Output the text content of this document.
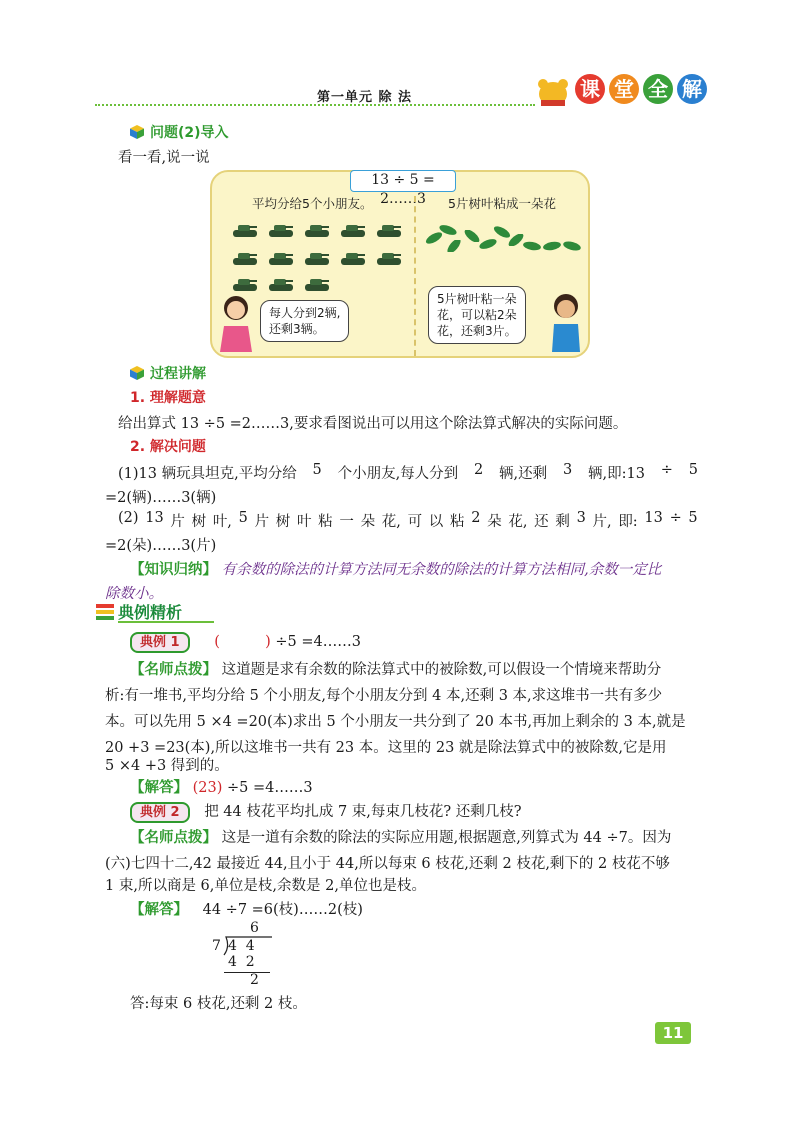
第一单元 除 法	课 堂 全 解
问题(2)导入
看一看,说一说
13 ÷ 5 = 2……3
平均分给5个小朋友。	5片树叶粘成一朵花
每人分到2辆,
还剩3辆。
5片树叶粘一朵
花，可以粘2朵
花，还剩3片。
过程讲解
1. 理解题意
给出算式 13 ÷5 =2……3,要求看图说出可以用这个除法算式解决的实际问题。
2. 解决问题
(1)13 辆玩具坦克,平均分给 5 个小朋友,每人分到 2 辆,还剩 3 辆,即:13 ÷ 5
=2(辆)……3(辆)
(2) 13 片 树 叶, 5 片 树 叶 粘 一 朵 花, 可 以 粘 2 朵 花, 还 剩 3 片, 即: 13 ÷ 5
=2(朵)……3(片)
【知识归纳】 有余数的除法的计算方法同无余数的除法的计算方法相同,余数一定比
除数小。
典例精析
典例 1 (	) ÷5 =4……3
【名师点拨】 这道题是求有余数的除法算式中的被除数,可以假设一个情境来帮助分
析:有一堆书,平均分给 5 个小朋友,每个小朋友分到 4 本,还剩 3 本,求这堆书一共有多少
本。可以先用 5 ×4 =20(本)求出 5 个小朋友一共分到了 20 本书,再加上剩余的 3 本,就是
20 +3 =23(本),所以这堆书一共有 23 本。这里的 23 就是除法算式中的被除数,它是用
5 ×4 +3 得到的。
【解答】 (23) ÷5 =4……3
典例 2 把 44 枝花平均扎成 7 束,每束几枝花? 还剩几枝?
【名师点拨】 这是一道有余数的除法的实际应用题,根据题意,列算式为 44 ÷7。因为
(六)七四十二,42 最接近 44,且小于 44,所以每束 6 枝花,还剩 2 枝花,剩下的 2 枝花不够
1 束,所以商是 6,单位是枝,余数是 2,单位也是枝。
【解答】 44 ÷7 =6(枝)……2(枝)
6
7 4  4
4  2
2
答:每束 6 枝花,还剩 2 枝。
11
